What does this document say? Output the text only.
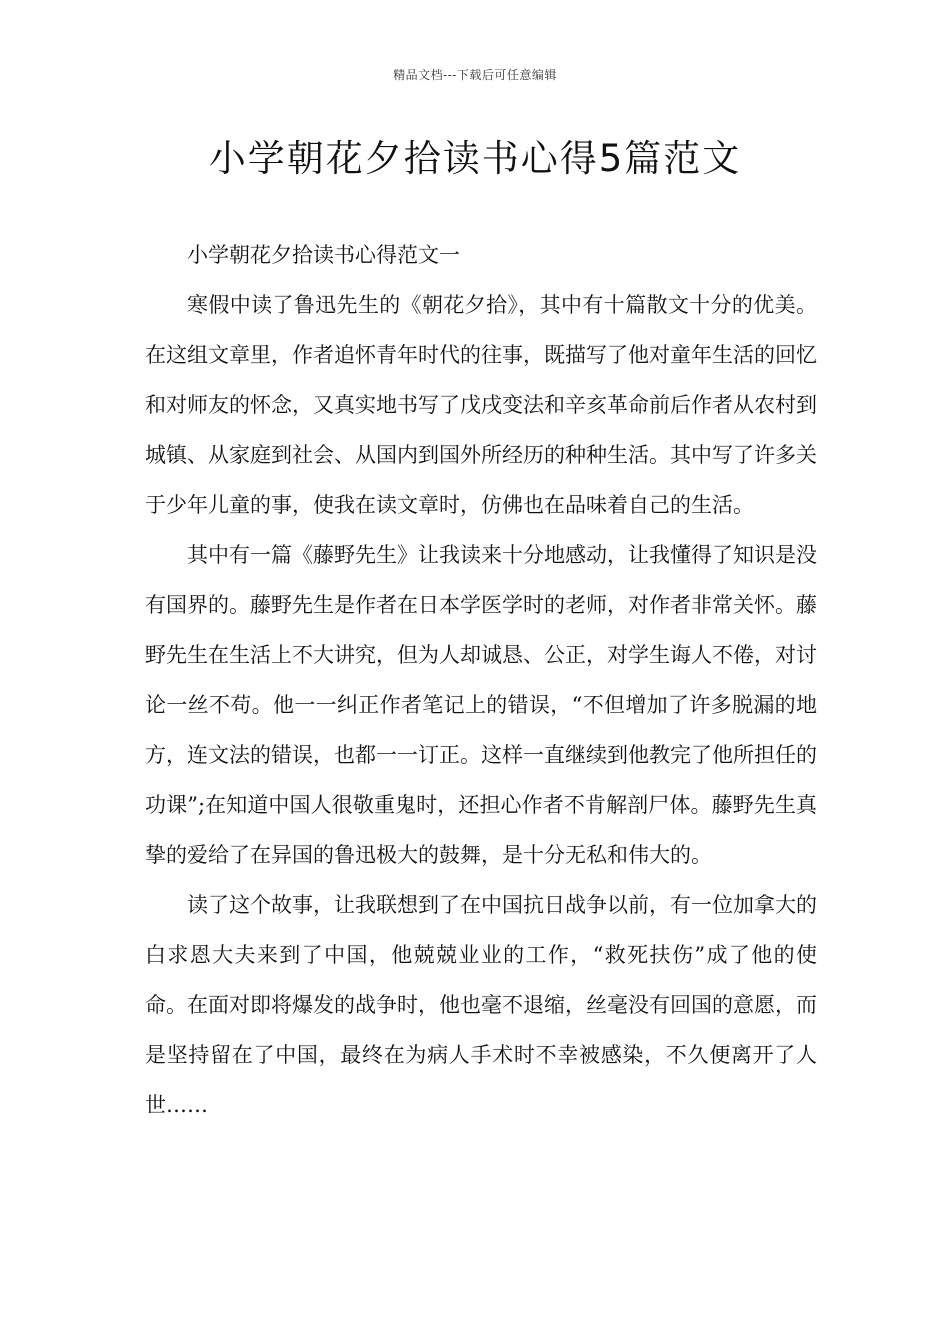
精品文档---下载后可任意编辑
小学朝花夕拾读书心得5篇范文

小学朝花夕拾读书心得范文一

寒假中读了鲁迅先生的《朝花夕拾》，其中有十篇散文十分的优美。在这组文章里，作者追怀青年时代的往事，既描写了他对童年生活的回忆和对师友的怀念，又真实地书写了戊戌变法和辛亥革命前后作者从农村到城镇、从家庭到社会、从国内到国外所经历的种种生活。其中写了许多关于少年儿童的事，使我在读文章时，仿佛也在品味着自己的生活。

其中有一篇《藤野先生》让我读来十分地感动，让我懂得了知识是没有国界的。藤野先生是作者在日本学医学时的老师，对作者非常关怀。藤野先生在生活上不大讲究，但为人却诚恳、公正，对学生诲人不倦，对讨论一丝不苟。他一一纠正作者笔记上的错误，“不但增加了许多脱漏的地方，连文法的错误，也都一一订正。这样一直继续到他教完了他所担任的功课”;在知道中国人很敬重鬼时，还担心作者不肯解剖尸体。藤野先生真挚的爱给了在异国的鲁迅极大的鼓舞，是十分无私和伟大的。

读了这个故事，让我联想到了在中国抗日战争以前，有一位加拿大的白求恩大夫来到了中国，他兢兢业业的工作，“救死扶伤”成了他的使命。在面对即将爆发的战争时，他也毫不退缩，丝毫没有回国的意愿，而是坚持留在了中国，最终在为病人手术时不幸被感染，不久便离开了人世……
